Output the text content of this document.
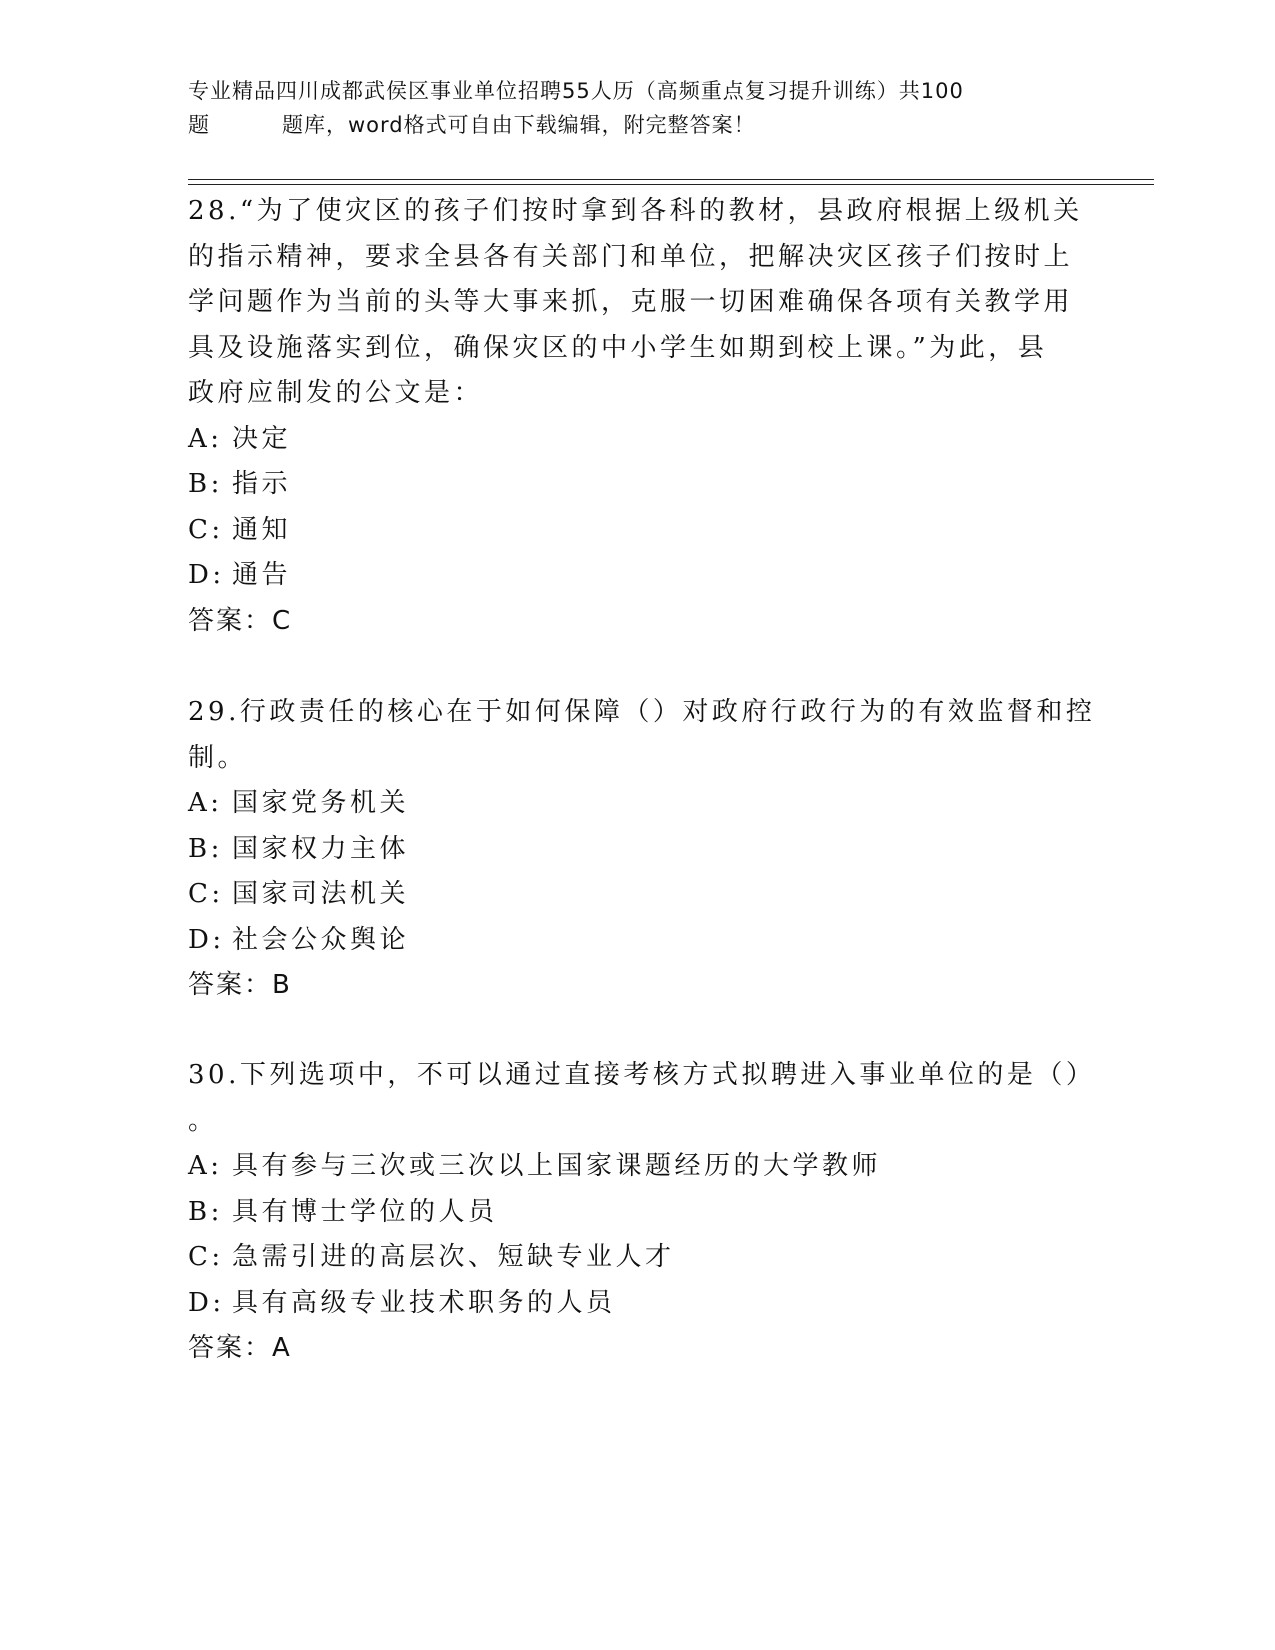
专业精品四川成都武侯区事业单位招聘55人历（高频重点复习提升训练）共100
题	题库，word格式可自由下载编辑，附完整答案！
28.“为了使灾区的孩子们按时拿到各科的教材，县政府根据上级机关
的指示精神，要求全县各有关部门和单位，把解决灾区孩子们按时上
学问题作为当前的头等大事来抓，克服一切困难确保各项有关教学用
具及设施落实到位，确保灾区的中小学生如期到校上课。”为此，县
政府应制发的公文是：
A: 决定
B: 指示
C: 通知
D: 通告
答案：C
29.行政责任的核心在于如何保障（）对政府行政行为的有效监督和控
制。
A: 国家党务机关
B: 国家权力主体
C: 国家司法机关
D: 社会公众舆论
答案：B
30.下列选项中，不可以通过直接考核方式拟聘进入事业单位的是（）
。
A: 具有参与三次或三次以上国家课题经历的大学教师
B: 具有博士学位的人员
C: 急需引进的高层次、短缺专业人才
D: 具有高级专业技术职务的人员
答案：A
